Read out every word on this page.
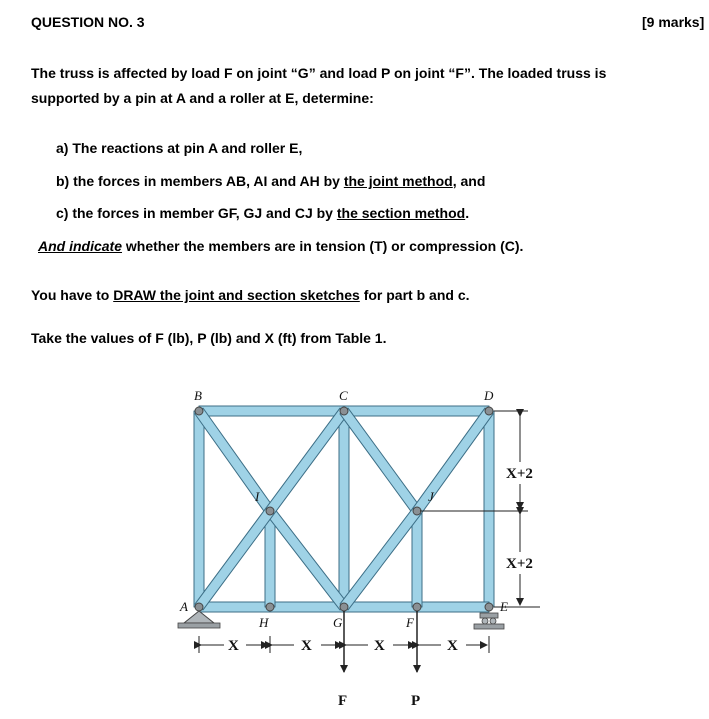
QUESTION NO. 3	[9 marks]
The truss is affected by load F on joint “G” and load P on joint “F”. The loaded truss is
supported by a pin at A and a roller at E, determine:
a) The reactions at pin A and roller E,
b) the forces in members AB, AI and AH by the joint method, and
c) the forces in member GF, GJ and CJ by the section method.
And indicate whether the members are in tension (T) or compression (C).
You have to DRAW the joint and section sketches for part b and c.
Take the values of F (lb), P (lb) and X (ft) from Table 1.
B	C	D
I	J
A
H	G	F
E
X+2
X+2
X	X	X	X
F	P
